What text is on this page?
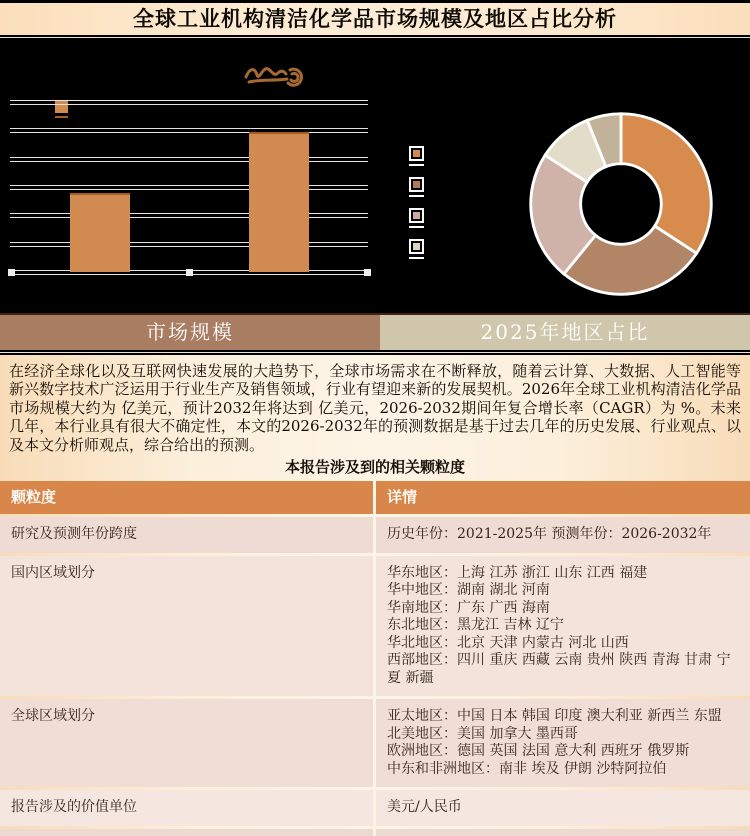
全球工业机构清洁化学品市场规模及地区占比分析
市场规模	2025年地区占比

在经济全球化以及互联网快速发展的大趋势下，全球市场需求在不断释放，随着云计算、大数据、人工智能等新兴数字技术广泛运用于行业生产及销售领域，行业有望迎来新的发展契机。2026年全球工业机构清洁化学品市场规模大约为 亿美元，预计2032年将达到 亿美元，2026-2032期间年复合增长率（CAGR）为 %。未来几年，本行业具有很大不确定性，本文的2026-2032年的预测数据是基于过去几年的历史发展、行业观点、以及本文分析师观点，综合给出的预测。

本报告涉及到的相关颗粒度
颗粒度	详情
研究及预测年份跨度	历史年份：2021-2025年 预测年份：2026-2032年
国内区域划分	华东地区：上海 江苏 浙江 山东 江西 福建
华中地区：湖南 湖北 河南
华南地区：广东 广西 海南
东北地区：黑龙江 吉林 辽宁
华北地区：北京 天津 内蒙古 河北 山西
西部地区：四川 重庆 西藏 云南 贵州 陕西 青海 甘肃 宁夏 新疆
全球区域划分	亚太地区：中国 日本 韩国 印度 澳大利亚 新西兰 东盟
北美地区：美国 加拿大 墨西哥
欧洲地区：德国 英国 法国 意大利 西班牙 俄罗斯
中东和非洲地区：南非 埃及 伊朗 沙特阿拉伯
报告涉及的价值单位	美元/人民币
